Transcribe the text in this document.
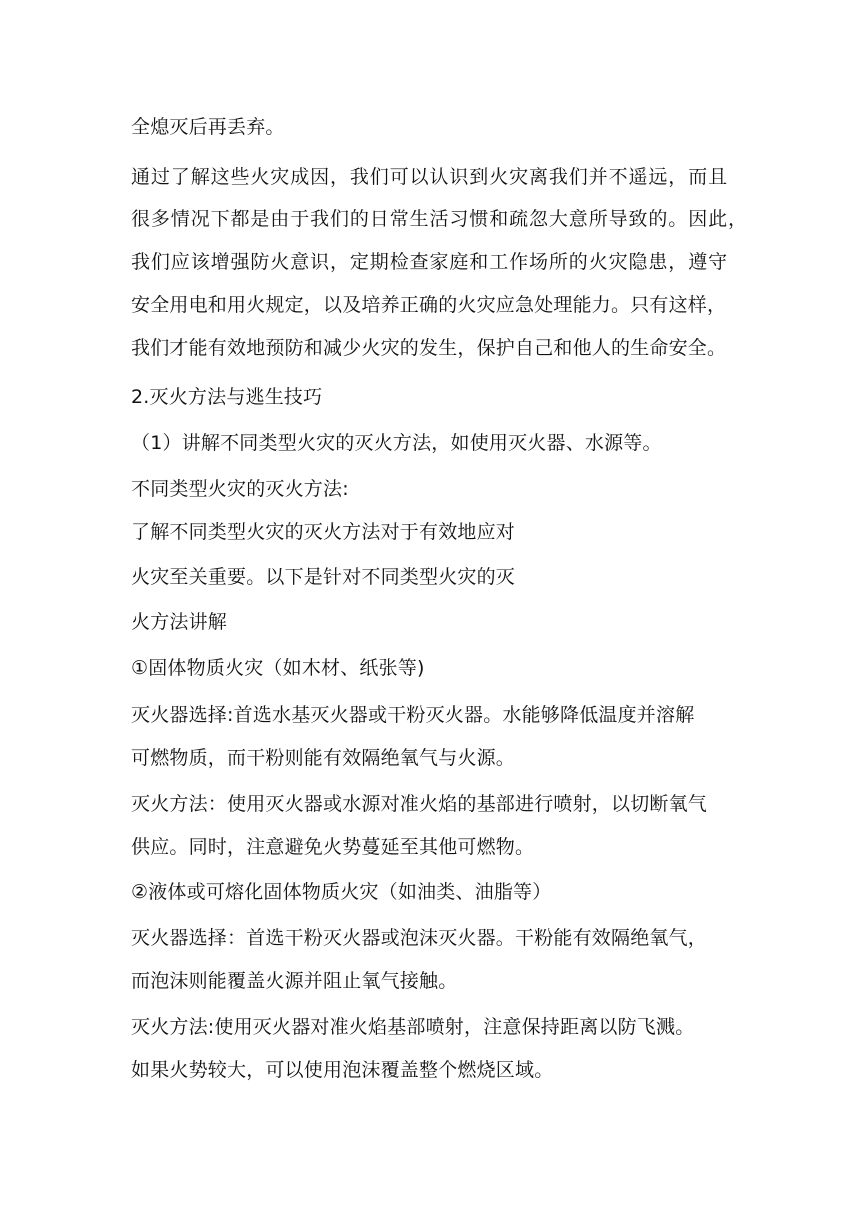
全熄灭后再丢弃。
通过了解这些火灾成因，我们可以认识到火灾离我们并不遥远，而且
很多情况下都是由于我们的日常生活习惯和疏忽大意所导致的。因此，
我们应该增强防火意识，定期检查家庭和工作场所的火灾隐患，遵守
安全用电和用火规定，以及培养正确的火灾应急处理能力。只有这样，
我们才能有效地预防和减少火灾的发生，保护自己和他人的生命安全。
2.灭火方法与逃生技巧
（1）讲解不同类型火灾的灭火方法，如使用灭火器、水源等。
不同类型火灾的灭火方法:
了解不同类型火灾的灭火方法对于有效地应对
火灾至关重要。以下是针对不同类型火灾的灭
火方法讲解
①固体物质火灾（如木材、纸张等)
灭火器选择:首选水基灭火器或干粉灭火器。水能够降低温度并溶解
可燃物质，而干粉则能有效隔绝氧气与火源。
灭火方法：使用灭火器或水源对准火焰的基部进行喷射，以切断氧气
供应。同时，注意避免火势蔓延至其他可燃物。
②液体或可熔化固体物质火灾（如油类、油脂等）
灭火器选择：首选干粉灭火器或泡沫灭火器。干粉能有效隔绝氧气，
而泡沫则能覆盖火源并阻止氧气接触。
灭火方法:使用灭火器对准火焰基部喷射，注意保持距离以防飞溅。
如果火势较大，可以使用泡沫覆盖整个燃烧区域。
